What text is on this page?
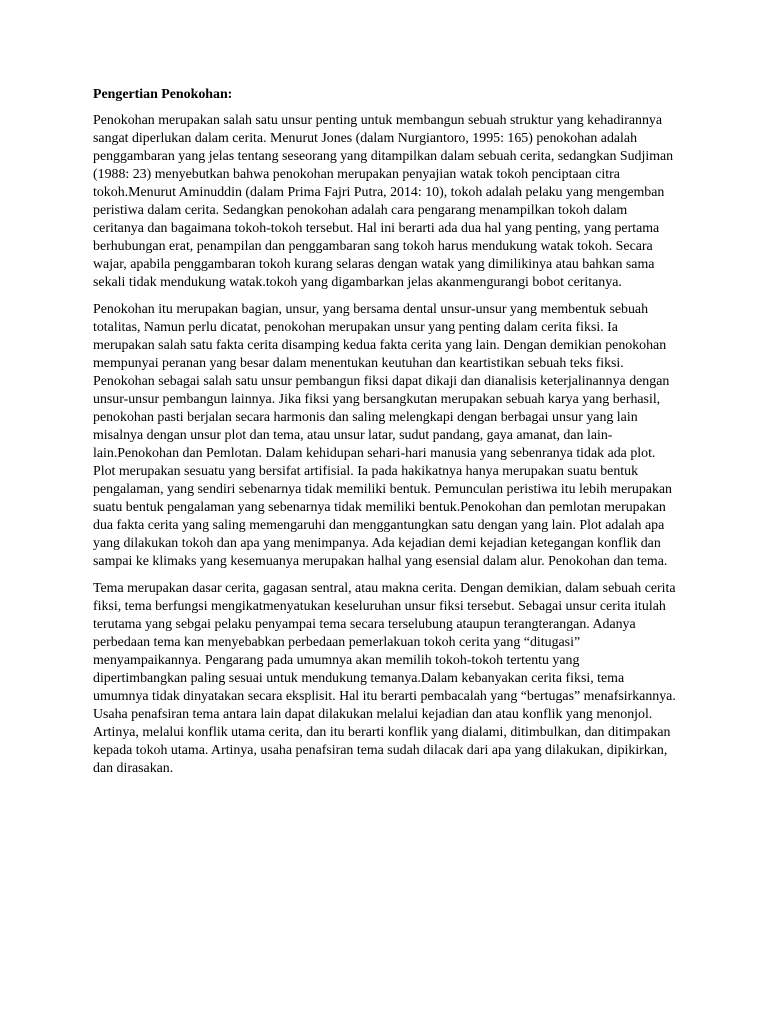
Pengertian Penokohan:

Penokohan merupakan salah satu unsur penting untuk membangun sebuah struktur yang kehadirannya sangat diperlukan dalam cerita. Menurut Jones (dalam Nurgiantoro, 1995: 165) penokohan adalah penggambaran yang jelas tentang seseorang yang ditampilkan dalam sebuah cerita, sedangkan Sudjiman (1988: 23) menyebutkan bahwa penokohan merupakan penyajian watak tokoh penciptaan citra tokoh.Menurut Aminuddin (dalam Prima Fajri Putra, 2014: 10), tokoh adalah pelaku yang mengemban peristiwa dalam cerita. Sedangkan penokohan adalah cara pengarang menampilkan tokoh dalam ceritanya dan bagaimana tokoh-tokoh tersebut. Hal ini berarti ada dua hal yang penting, yang pertama berhubungan erat, penampilan dan penggambaran sang tokoh harus mendukung watak tokoh. Secara wajar, apabila penggambaran tokoh kurang selaras dengan watak yang dimilikinya atau bahkan sama sekali tidak mendukung watak.tokoh yang digambarkan jelas akanmengurangi bobot ceritanya.

Penokohan itu merupakan bagian, unsur, yang bersama dental unsur-unsur yang membentuk sebuah totalitas, Namun perlu dicatat, penokohan merupakan unsur yang penting dalam cerita fiksi. Ia merupakan salah satu fakta cerita disamping kedua fakta cerita yang lain. Dengan demikian penokohan mempunyai peranan yang besar dalam menentukan keutuhan dan keartistikan sebuah teks fiksi. Penokohan sebagai salah satu unsur pembangun fiksi dapat dikaji dan dianalisis keterjalinannya dengan unsur-unsur pembangun lainnya. Jika fiksi yang bersangkutan merupakan sebuah karya yang berhasil, penokohan pasti berjalan secara harmonis dan saling melengkapi dengan berbagai unsur yang lain misalnya dengan unsur plot dan tema, atau unsur latar, sudut pandang, gaya amanat, dan lain-lain.Penokohan dan Pemlotan. Dalam kehidupan sehari-hari manusia yang sebenranya tidak ada plot. Plot merupakan sesuatu yang bersifat artifisial. Ia pada hakikatnya hanya merupakan suatu bentuk pengalaman, yang sendiri sebenarnya tidak memiliki bentuk. Pemunculan peristiwa itu lebih merupakan suatu bentuk pengalaman yang sebenarnya tidak memiliki bentuk.Penokohan dan pemlotan merupakan dua fakta cerita yang saling memengaruhi dan menggantungkan satu dengan yang lain. Plot adalah apa yang dilakukan tokoh dan apa yang menimpanya. Ada kejadian demi kejadian ketegangan konflik dan sampai ke klimaks yang kesemuanya merupakan halhal yang esensial dalam alur. Penokohan dan tema.

Tema merupakan dasar cerita, gagasan sentral, atau makna cerita. Dengan demikian, dalam sebuah cerita fiksi, tema berfungsi mengikatmenyatukan keseluruhan unsur fiksi tersebut. Sebagai unsur cerita itulah terutama yang sebgai pelaku penyampai tema secara terselubung ataupun terangterangan. Adanya perbedaan tema kan menyebabkan perbedaan pemerlakuan tokoh cerita yang “ditugasi” menyampaikannya. Pengarang pada umumnya akan memilih tokoh-tokoh tertentu yang dipertimbangkan paling sesuai untuk mendukung temanya.Dalam kebanyakan cerita fiksi, tema umumnya tidak dinyatakan secara eksplisit. Hal itu berarti pembacalah yang “bertugas” menafsirkannya. Usaha penafsiran tema antara lain dapat dilakukan melalui kejadian dan atau konflik yang menonjol. Artinya, melalui konflik utama cerita, dan itu berarti konflik yang dialami, ditimbulkan, dan ditimpakan kepada tokoh utama. Artinya, usaha penafsiran tema sudah dilacak dari apa yang dilakukan, dipikirkan, dan dirasakan.
